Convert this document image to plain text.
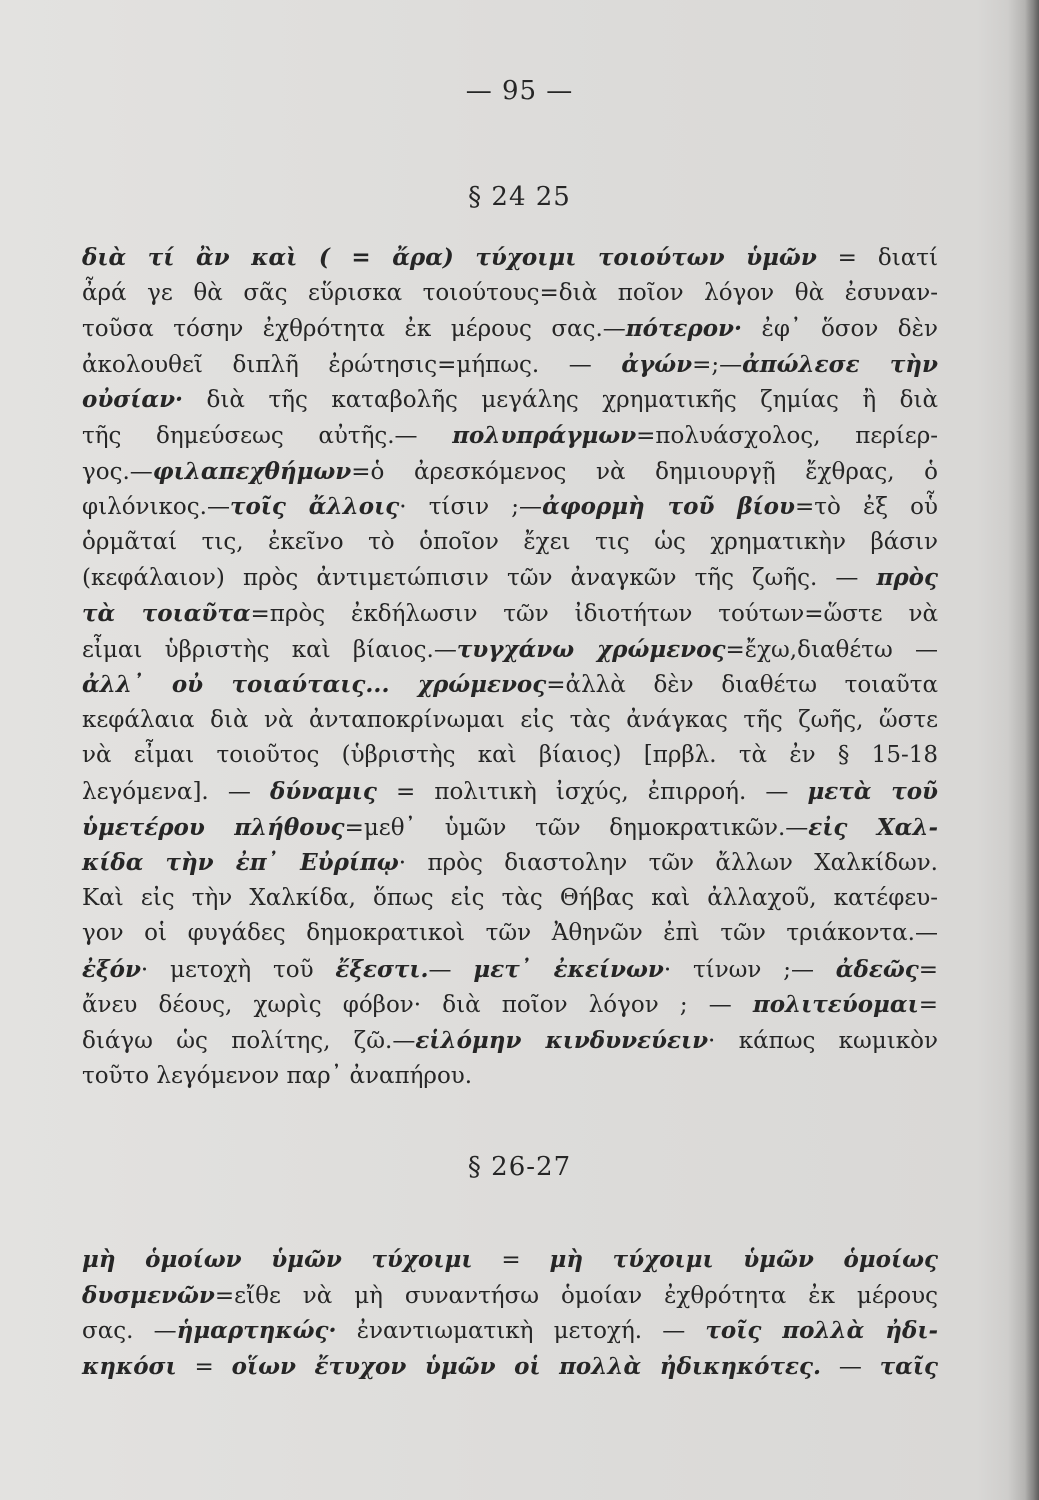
— 95 —
§ 24 25
διὰ τί ἂν καὶ ( = ἄρα) τύχοιμι τοιούτων ὑμῶν = διατί
ἆρά γε θὰ σᾶς εὕρισκα τοιούτους=διὰ ποῖον λόγον θὰ ἐσυναν-
τοῦσα τόσην ἐχθρότητα ἐκ μέρους σας.—πότερον· ἐφ᾽ ὅσον δὲν
ἀκολουθεῖ διπλῆ ἐρώτησις=μήπως. — ἀγών=;—ἀπώλεσε τὴν
οὐσίαν· διὰ τῆς καταβολῆς μεγάλης χρηματικῆς ζημίας ἢ διὰ
τῆς δημεύσεως αὐτῆς.— πολυπράγμων=πολυάσχολος, περίερ-
γος.—φιλαπεχθήμων=ὁ ἀρεσκόμενος νὰ δημιουργῇ ἔχθρας, ὁ
φιλόνικος.—τοῖς ἄλλοις· τίσιν ;—ἀφορμὴ τοῦ βίου=τὸ ἐξ οὗ
ὁρμᾶταί τις, ἐκεῖνο τὸ ὁποῖον ἔχει τις ὡς χρηματικὴν βάσιν
(κεφάλαιον) πρὸς ἀντιμετώπισιν τῶν ἀναγκῶν τῆς ζωῆς. — πρὸς
τὰ τοιαῦτα=πρὸς ἐκδήλωσιν τῶν ἰδιοτήτων τούτων=ὥστε νὰ
εἶμαι ὑβριστὴς καὶ βίαιος.—τυγχάνω χρώμενος=ἔχω,διαθέτω —
ἀλλ᾽ οὐ τοιαύταις... χρώμενος=ἀλλὰ δὲν διαθέτω τοιαῦτα
κεφάλαια διὰ νὰ ἀνταποκρίνωμαι εἰς τὰς ἀνάγκας τῆς ζωῆς, ὥστε
νὰ εἶμαι τοιοῦτος (ὑβριστὴς καὶ βίαιος) [πρβλ. τὰ ἐν § 15-18
λεγόμενα]. — δύναμις = πολιτικὴ ἰσχύς, ἐπιρροή. — μετὰ τοῦ
ὑμετέρου πλήθους=μεθ᾽ ὑμῶν τῶν δημοκρατικῶν.—εἰς Χαλ-
κίδα τὴν ἐπ᾽ Εὐρίπῳ· πρὸς διαστολην τῶν ἄλλων Χαλκίδων.
Καὶ εἰς τὴν Χαλκίδα, ὅπως εἰς τὰς Θήβας καὶ ἀλλαχοῦ, κατέφευ-
γον οἱ φυγάδες δημοκρατικοὶ τῶν Ἀθηνῶν ἐπὶ τῶν τριάκοντα.—
ἐξόν· μετοχὴ τοῦ ἔξεστι.— μετ᾽ ἐκείνων· τίνων ;— ἀδεῶς=
ἄνευ δέους, χωρὶς φόβον· διὰ ποῖον λόγον ; — πολιτεύομαι=
διάγω ὡς πολίτης, ζῶ.—εἱλόμην κινδυνεύειν· κάπως κωμικὸν
τοῦτο λεγόμενον παρ᾽ ἀναπήρου.
§ 26-27
μὴ ὁμοίων ὑμῶν τύχοιμι = μὴ τύχοιμι ὑμῶν ὁμοίως
δυσμενῶν=εἴθε νὰ μὴ συναντήσω ὁμοίαν ἐχθρότητα ἐκ μέρους
σας. —ἡμαρτηκώς· ἐναντιωματικὴ μετοχή. — τοῖς πολλὰ ἠδι-
κηκόσι = οἵων ἔτυχον ὑμῶν οἱ πολλὰ ἠδικηκότες. — ταῖς
